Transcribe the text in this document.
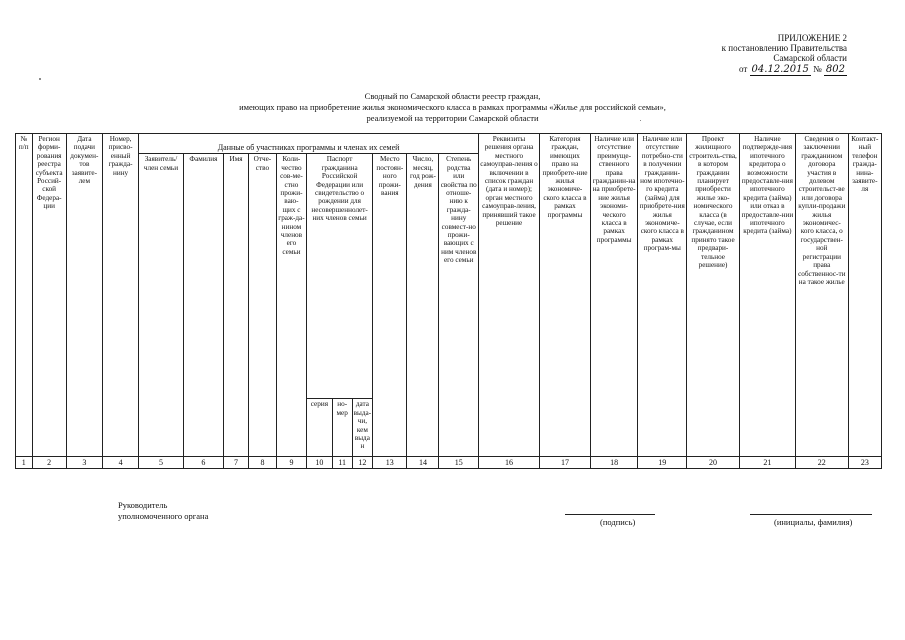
ПРИЛОЖЕНИЕ 2
к постановлению Правительства
Самарской области
от 04.12.2015 № 802
Сводный по Самарской области реестр граждан,
имеющих право на приобретение жилья экономического класса в рамках программы «Жилье для российской семьи»,
реализуемой на территории Самарской области
№ п/п	Регион форми-рования реестра субъекта Россий-ской Федера-ции	Дата подачи докумен-тов заявите-лем	Номер, присво-енный гражда-нину	Данные об участниках программы и членах их семей											Реквизиты решения органа местного самоуправ-ления о включении в список граждан (дата и номер); орган местного самоуправ-ления, принявший такое решение	Категория граждан, имеющих право на приобрете-ние жилья экономиче-ского класса в рамках программы	Наличие или отсутствие преимуще-ственного права гражданин-на на приобрете-ние жилья экономи-ческого класса в рамках программы	Наличие или отсутствие потребно-сти в получении гражданин-ном ипотечно-го кредита (займа) для приобрете-ния жилья экономиче-ского класса в рамках програм-мы	Проект жилищного строитель-ства, в котором гражданин планирует приобрести жилье эко-номического класса (в случае, если гражданином принято такое предвари-тельное решение)	Наличие подтвержде-ния ипотечного кредитора о возможности предоставле-ния ипотечного кредита (займа) или отказ в предоставле-нии ипотечного кредита (займа)	Сведения о заключении гражданином договора участия в долевом строительст-ве или договора купли-продажи жилья экономичес-кого класса, о государствен-ной регистрации права собственнос-ти на такое жилье	Контакт-ный телефон гражда-нина-заявите-ля
				Заявитель/ член семьи	Фамилия	Имя	Отче-ство	Коли-чество сов-ме-стно прожи-ваю-щих с граж-да-нином членов его семьи	Паспорт гражданина Российской Федерации или свидетельство о рождении для несовершеннолет-них членов семьи			Место постоян-ного прожи-вания	Число, месяц, год рож-дения	Степень родства или свойства по отноше-нию к гражда-нину совмест-но прожи-вающих с ним членов его семьи								
									серия	но-мер	дата выда-чи, кем выдан											
1	2	3	4	5	6	7	8	9	10	11	12	13	14	15	16	17	18	19	20	21	22	23
Руководитель
уполномоченного органа
(подпись)	(инициалы, фамилия)
